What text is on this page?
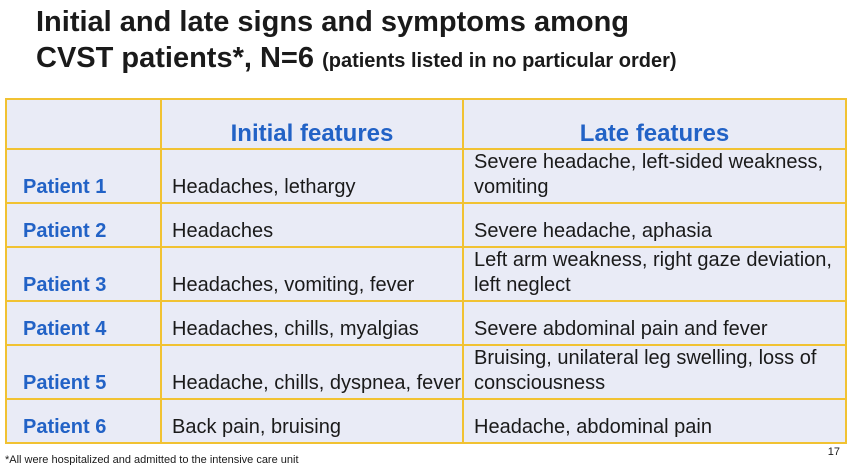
Initial and late signs and symptoms among
CVST patients*, N=6 (patients listed in no particular order)
	Initial features	Late features
Patient 1	Headaches, lethargy	Severe headache, left-sided weakness, vomiting
Patient 2	Headaches	Severe headache, aphasia
Patient 3	Headaches, vomiting, fever	Left arm weakness, right gaze deviation, left neglect
Patient 4	Headaches, chills, myalgias	Severe abdominal pain and fever
Patient 5	Headache, chills, dyspnea, fever	Bruising, unilateral leg swelling, loss of consciousness
Patient 6	Back pain, bruising	Headache, abdominal pain
*All were hospitalized and admitted to the intensive care unit
17
